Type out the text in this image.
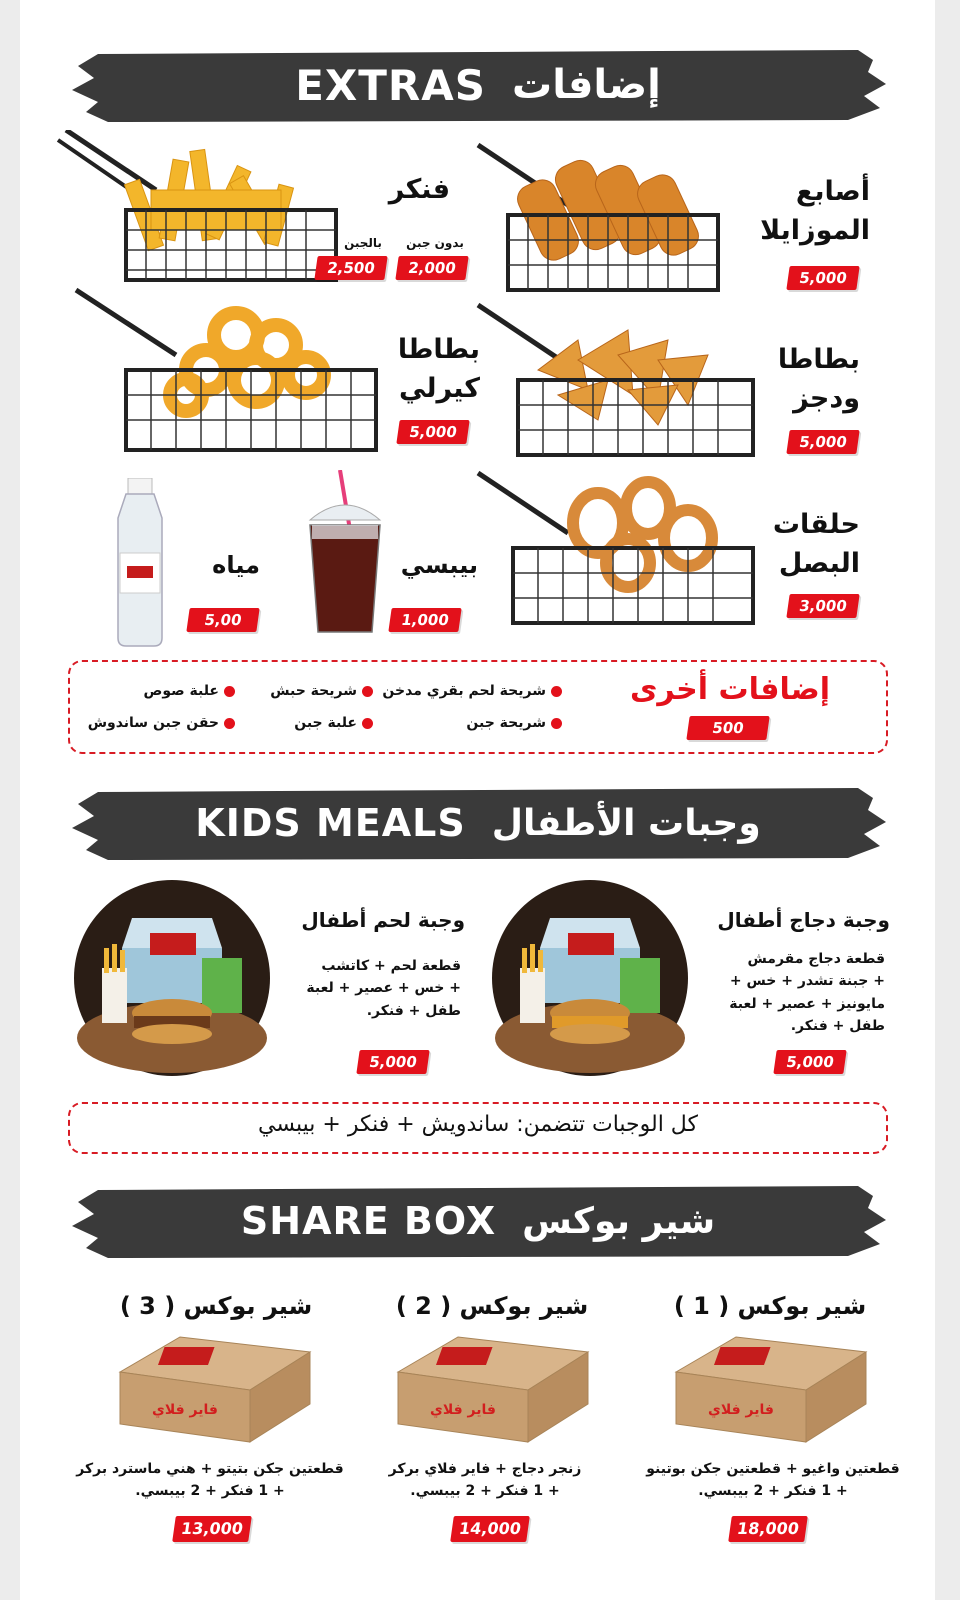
EXTRAS إضافات
فنكر
بدون جبن
بالجبن
2,000
2,500
أصابع الموزايلا
5,000
بطاطا كيرلي
5,000
بطاطا ودجز
5,000
مياه
5,00
بيبسي
1,000
حلقات البصل
3,000
إضافات أخرى
500
شريحة لحم بقري مدخن
شريحة حبش
علبة صوص
شريحة جبن
علبة جبن
حقن جبن ساندوش
KIDS MEALS وجبات الأطفال
وجبة لحم أطفال
قطعة لحم + كاتشب
+ خس + عصير + لعبة
طفل + فنكر.
5,000
وجبة دجاج أطفال
قطعة دجاج مقرمش
+ جبنة تشدر + خس +
مايونيز + عصير + لعبة
طفل + فنكر.
5,000
كل الوجبات تتضمن: ساندويش + فنكر + بيبسي
SHARE BOX شير بوكس
شير بوكس ( 3 )	شير بوكس ( 2 )	شير بوكس ( 1 )
فاير فلاي	فاير فلاي	فاير فلاي
قطعتين جكن بتيتو + هني ماسترد بركر
+ 1 فنكر + 2 بيبسي.
زنجر دجاج + فاير فلاي بركر
+ 1 فنكر + 2 بيبسي.
قطعتين واغيو + قطعتين جكن بوتينو
+ 1 فنكر + 2 بيبسي.
13,000	14,000	18,000
